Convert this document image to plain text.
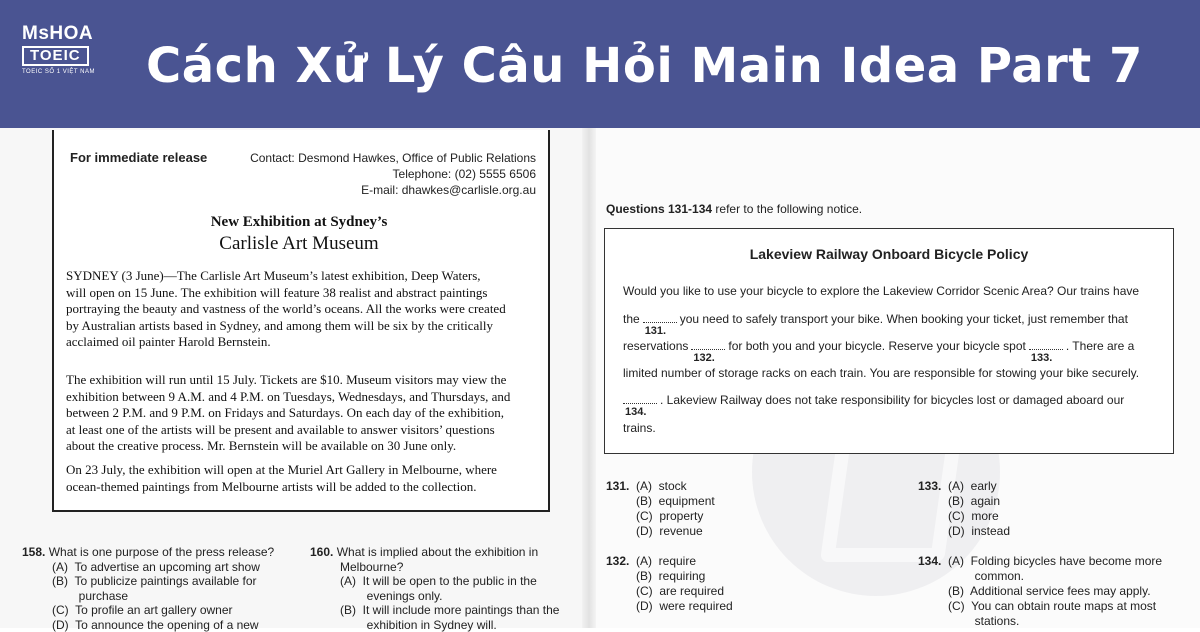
MsHOA
TOEIC
TOEIC SỐ 1 VIỆT NAM	Cách Xử Lý Câu Hỏi Main Idea Part 7
For immediate release	Contact: Desmond Hawkes, Office of Public Relations
Telephone: (02) 5555 6506
E-mail: dhawkes@carlisle.org.au
New Exhibition at Sydney’s
Carlisle Art Museum
SYDNEY (3 June)—The Carlisle Art Museum’s latest exhibition, Deep Waters,
will open on 15 June. The exhibition will feature 38 realist and abstract paintings
portraying the beauty and vastness of the world’s oceans. All the works were created
by Australian artists based in Sydney, and among them will be six by the critically
acclaimed oil painter Harold Bernstein.
The exhibition will run until 15 July. Tickets are $10. Museum visitors may view the
exhibition between 9 A.M. and 4 P.M. on Tuesdays, Wednesdays, and Thursdays, and
between 2 P.M. and 9 P.M. on Fridays and Saturdays. On each day of the exhibition,
at least one of the artists will be present and available to answer visitors’ questions
about the creative process. Mr. Bernstein will be available on 30 June only.
On 23 July, the exhibition will open at the Muriel Art Gallery in Melbourne, where
ocean-themed paintings from Melbourne artists will be added to the collection.
158. What is one purpose of the press release?
(A)  To advertise an upcoming art show
(B)  To publicize paintings available for
purchase
(C)  To profile an art gallery owner
(D)  To announce the opening of a new
160. What is implied about the exhibition in
Melbourne?
(A)  It will be open to the public in the
evenings only.
(B)  It will include more paintings than the
exhibition in Sydney will.
Questions 131-134 refer to the following notice.
Lakeview Railway Onboard Bicycle Policy
Would you like to use your bicycle to explore the Lakeview Corridor Scenic Area? Our trains have
the
131.
you need to safely transport your bike. When booking your ticket, just remember that
reservations
132.
for both you and your bicycle. Reserve your bicycle spot
133.
. There are a
limited number of storage racks on each train. You are responsible for stowing your bike securely.
134.
. Lakeview Railway does not take responsibility for bicycles lost or damaged aboard our
trains.
131. (A)  stock
(B)  equipment
(C)  property
(D)  revenue
133. (A)  early
(B)  again
(C)  more
(D)  instead
132. (A)  require
(B)  requiring
(C)  are required
(D)  were required
134. (A)  Folding bicycles have become more
common.
(B)  Additional service fees may apply.
(C)  You can obtain route maps at most
stations.
